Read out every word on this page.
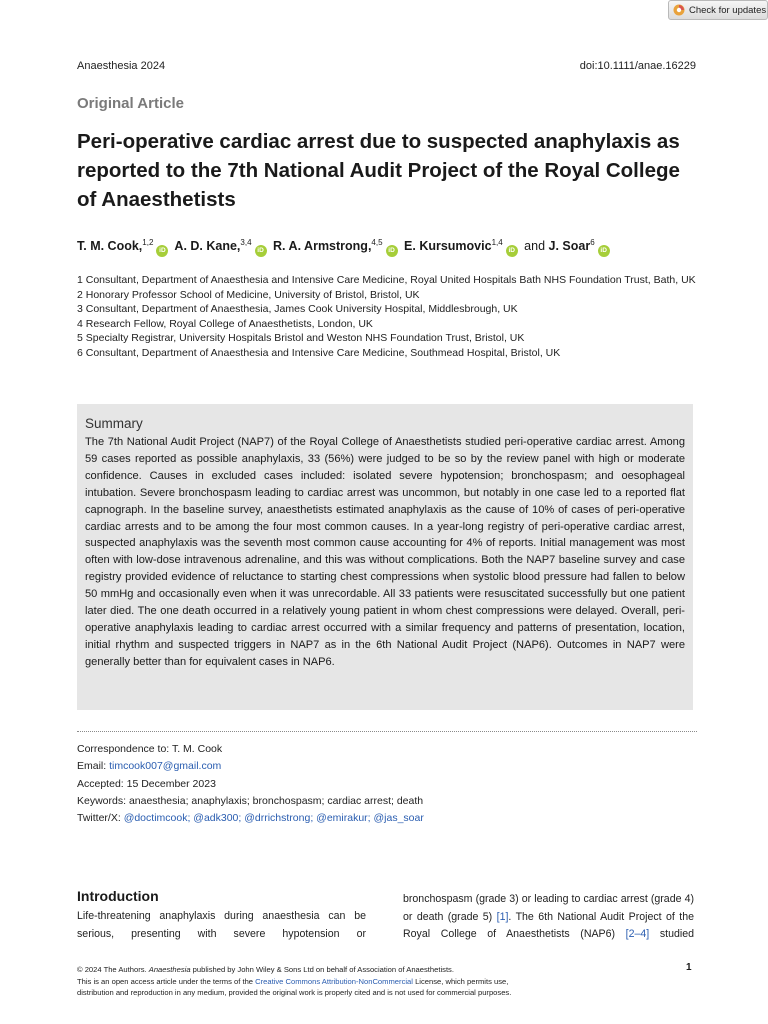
Check for updates
Anaesthesia 2024	doi:10.1111/anae.16229
Original Article
Peri-operative cardiac arrest due to suspected anaphylaxis as reported to the 7th National Audit Project of the Royal College of Anaesthetists
T. M. Cook,$^{1,2}$iD A. D. Kane,$^{3,4}$iD R. A. Armstrong,$^{4,5}$iD E. Kursumovic$^{1,4}$iD and J. Soar$^6$iD
1 Consultant, Department of Anaesthesia and Intensive Care Medicine, Royal United Hospitals Bath NHS Foundation Trust, Bath, UK
2 Honorary Professor School of Medicine, University of Bristol, Bristol, UK
3 Consultant, Department of Anaesthesia, James Cook University Hospital, Middlesbrough, UK
4 Research Fellow, Royal College of Anaesthetists, London, UK
5 Specialty Registrar, University Hospitals Bristol and Weston NHS Foundation Trust, Bristol, UK
6 Consultant, Department of Anaesthesia and Intensive Care Medicine, Southmead Hospital, Bristol, UK
Summary

The 7th National Audit Project (NAP7) of the Royal College of Anaesthetists studied peri-operative cardiac arrest. Among 59 cases reported as possible anaphylaxis, 33 (56%) were judged to be so by the review panel with high or moderate confidence. Causes in excluded cases included: isolated severe hypotension; bronchospasm; and oesophageal intubation. Severe bronchospasm leading to cardiac arrest was uncommon, but notably in one case led to a reported flat capnograph. In the baseline survey, anaesthetists estimated anaphylaxis as the cause of 10% of cases of peri-operative cardiac arrests and to be among the four most common causes. In a year-long registry of peri-operative cardiac arrest, suspected anaphylaxis was the seventh most common cause accounting for 4% of reports. Initial management was most often with low-dose intravenous adrenaline, and this was without complications. Both the NAP7 baseline survey and case registry provided evidence of reluctance to starting chest compressions when systolic blood pressure had fallen to below 50 mmHg and occasionally even when it was unrecordable. All 33 patients were resuscitated successfully but one patient later died. The one death occurred in a relatively young patient in whom chest compressions were delayed. Overall, peri-operative anaphylaxis leading to cardiac arrest occurred with a similar frequency and patterns of presentation, location, initial rhythm and suspected triggers in NAP7 as in the 6th National Audit Project (NAP6). Outcomes in NAP7 were generally better than for equivalent cases in NAP6.

Correspondence to: T. M. Cook
Email: timcook007@gmail.com
Accepted: 15 December 2023
Keywords: anaesthesia; anaphylaxis; bronchospasm; cardiac arrest; death
Twitter/X: @doctimcook; @adk300; @drrichstrong; @emirakur; @jas_soar
Introduction

Life-threatening anaphylaxis during anaesthesia can be serious, presenting with severe hypotension or

bronchospasm (grade 3) or leading to cardiac arrest (grade 4) or death (grade 5) [1]. The 6th National Audit Project of the Royal College of Anaesthetists (NAP6) [2–4] studied

© 2024 The Authors. Anaesthesia published by John Wiley & Sons Ltd on behalf of Association of Anaesthetists.
This is an open access article under the terms of the Creative Commons Attribution-NonCommercial License, which permits use,
distribution and reproduction in any medium, provided the original work is properly cited and is not used for commercial purposes.
1
